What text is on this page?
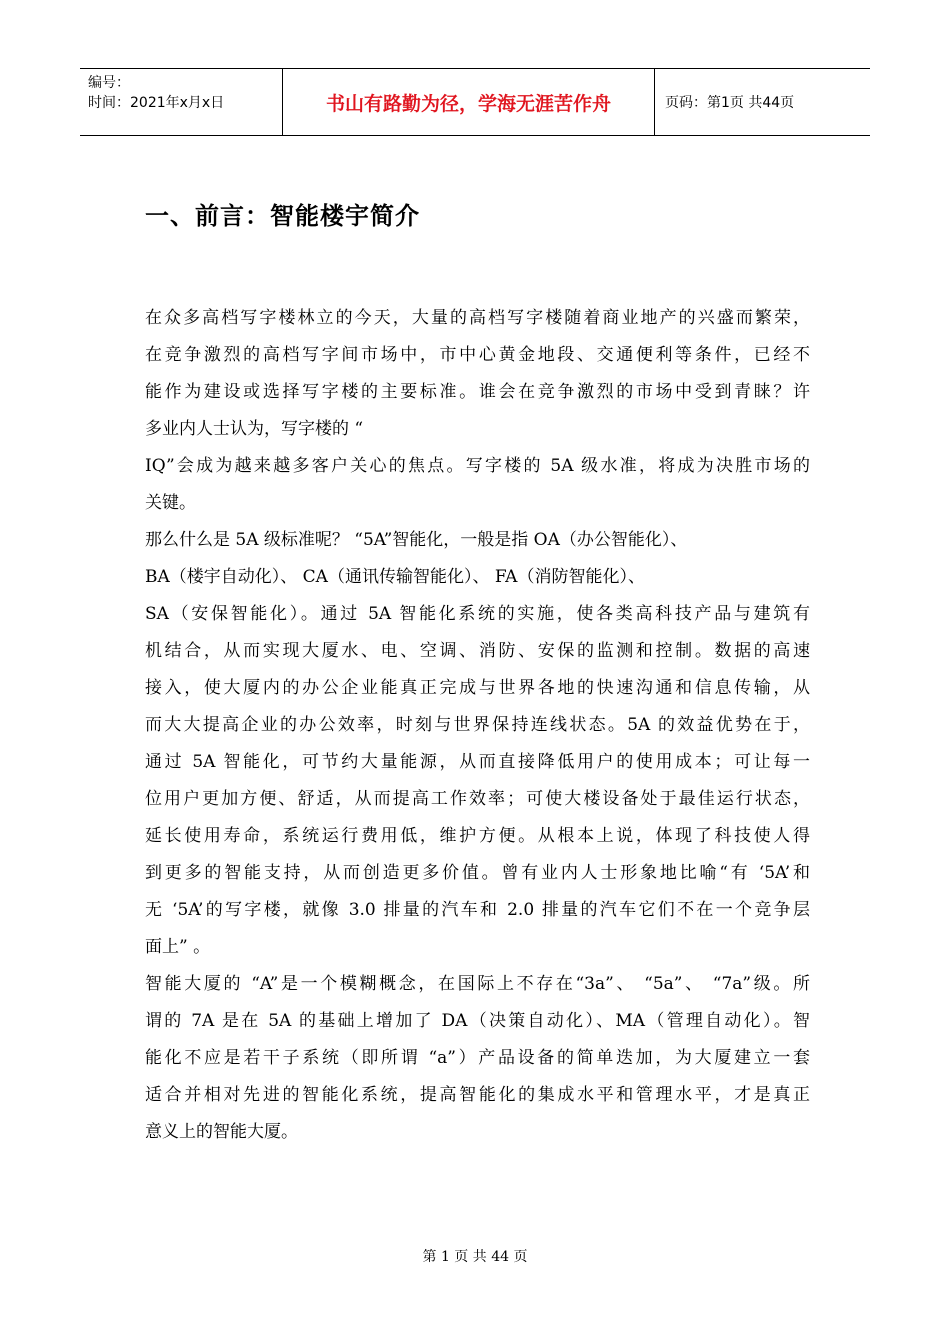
编号：
时间：2021年x月x日	书山有路勤为径，学海无涯苦作舟	页码：第1页 共44页
一、前言：智能楼宇简介
在众多高档写字楼林立的今天，大量的高档写字楼随着商业地产的兴盛而繁荣，
在竞争激烈的高档写字间市场中，市中心黄金地段、交通便利等条件，已经不
能作为建设或选择写字楼的主要标准。谁会在竞争激烈的市场中受到青睐？许
多业内人士认为，写字楼的 “
IQ”会成为越来越多客户关心的焦点。写字楼的 5A 级水准，将成为决胜市场的
关键。
那么什么是 5A 级标准呢？ “5A”智能化，一般是指 OA（办公智能化）、
BA（楼宇自动化）、 CA（通讯传输智能化）、 FA（消防智能化）、
SA（安保智能化）。通过 5A 智能化系统的实施，使各类高科技产品与建筑有
机结合，从而实现大厦水、电、空调、消防、安保的监测和控制。数据的高速
接入，使大厦内的办公企业能真正完成与世界各地的快速沟通和信息传输，从
而大大提高企业的办公效率，时刻与世界保持连线状态。5A 的效益优势在于，
通过 5A 智能化，可节约大量能源，从而直接降低用户的使用成本；可让每一
位用户更加方便、舒适，从而提高工作效率；可使大楼设备处于最佳运行状态，
延长使用寿命，系统运行费用低，维护方便。从根本上说，体现了科技使人得
到更多的智能支持，从而创造更多价值。曾有业内人士形象地比喻“有 ‘5A’和
无 ‘5A’的写字楼，就像 3.0 排量的汽车和 2.0 排量的汽车它们不在一个竞争层
面上” 。
智能大厦的 “A”是一个模糊概念，在国际上不存在“3a”、 “5a”、 “7a”级。所
谓的 7A 是在 5A 的基础上增加了 DA（决策自动化）、MA（管理自动化）。智
能化不应是若干子系统（即所谓 “a”）产品设备的简单迭加，为大厦建立一套
适合并相对先进的智能化系统，提高智能化的集成水平和管理水平，才是真正
意义上的智能大厦。
第 1 页 共 44 页
